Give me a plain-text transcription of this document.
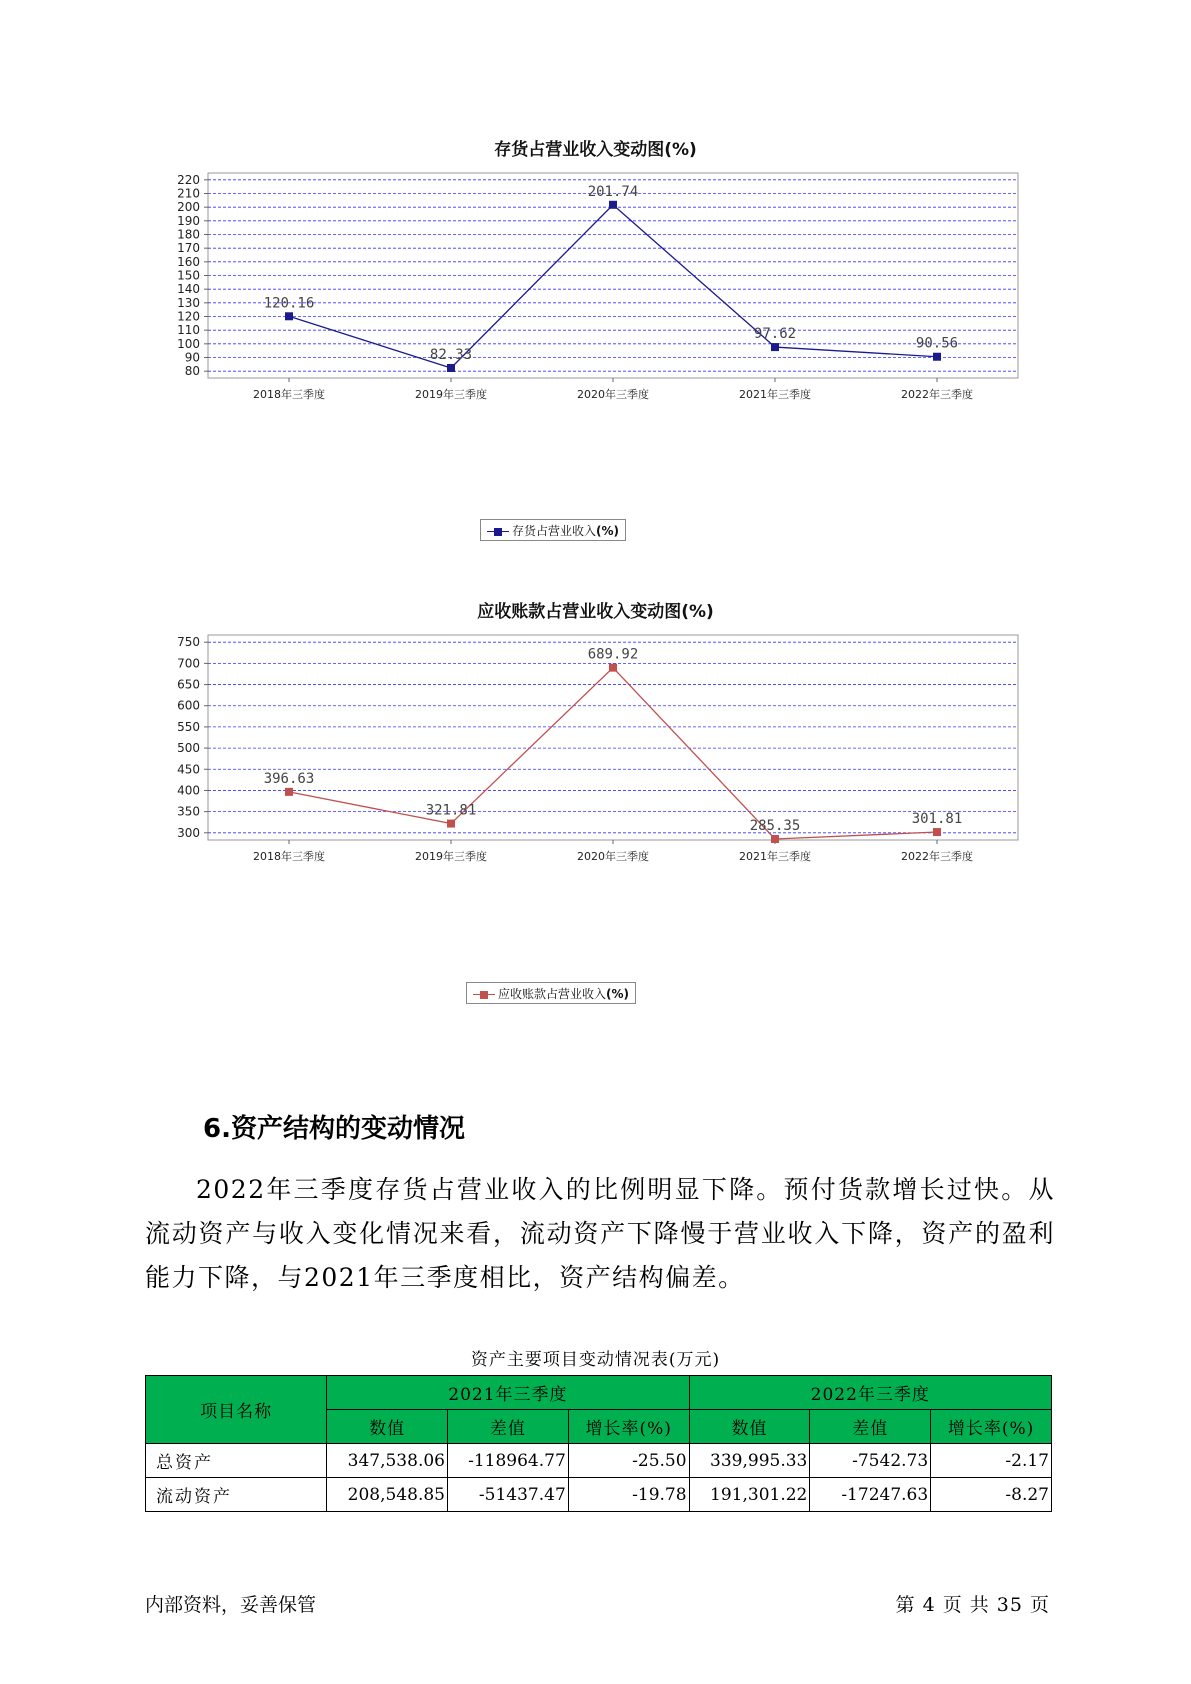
存货占营业收入变动图(%)
80
90
100
110
120
130
140
150
160
170
180
190
200
210
220
2018年三季度	2019年三季度	2020年三季度	2021年三季度	2022年三季度
120.16
82.33
201.74
97.62
90.56
存货占营业收入(%)
应收账款占营业收入变动图(%)
300
350
400
450
500
550
600
650
700
750
2018年三季度	2019年三季度	2020年三季度	2021年三季度	2022年三季度
396.63
321.81
689.92
285.35	301.81
应收账款占营业收入(%)
6.资产结构的变动情况
2022年三季度存货占营业收入的比例明显下降。预付货款增长过快。从流动资产与收入变化情况来看，流动资产下降慢于营业收入下降，资产的盈利能力下降，与2021年三季度相比，资产结构偏差。
资产主要项目变动情况表(万元)
项目名称	2021年三季度			2022年三季度		
	数值	差值	增长率(%)	数值	差值	增长率(%)
总资产	347,538.06	-118964.77	-25.50	339,995.33	-7542.73	-2.17
流动资产	208,548.85	-51437.47	-19.78	191,301.22	-17247.63	-8.27
内部资料，妥善保管	第 4 页 共 35 页
